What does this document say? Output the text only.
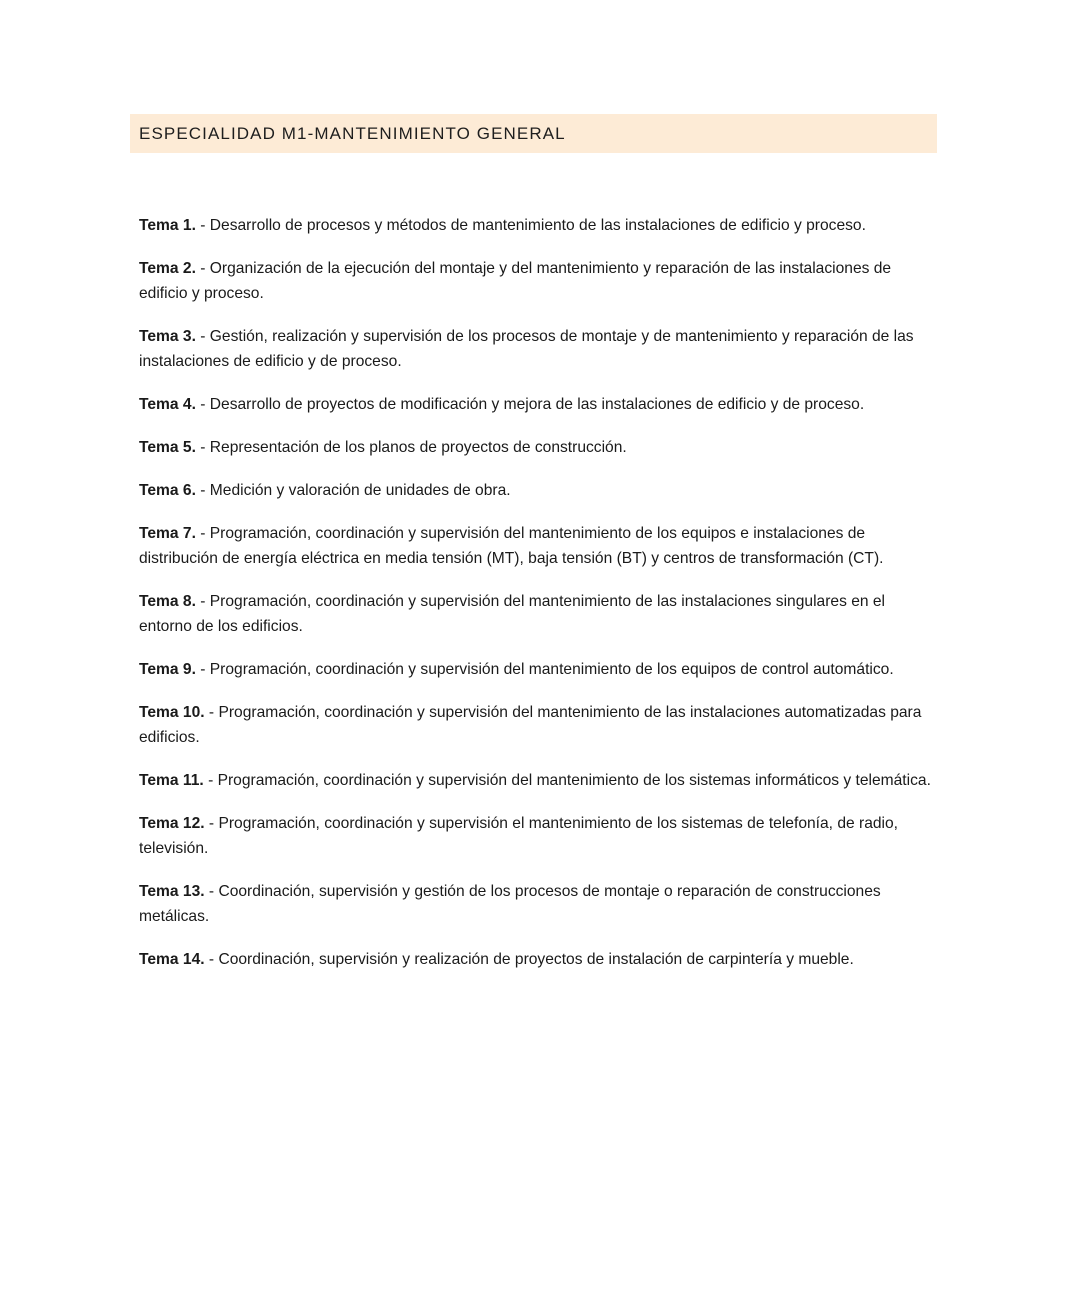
ESPECIALIDAD M1-MANTENIMIENTO GENERAL
Tema 1. - Desarrollo de procesos y métodos de mantenimiento de las instalaciones de edificio y proceso.
Tema 2. - Organización de la ejecución del montaje y del mantenimiento y reparación de las instalaciones de edificio y proceso.
Tema 3. - Gestión, realización y supervisión de los procesos de montaje y de mantenimiento y reparación de las instalaciones de edificio y de proceso.
Tema 4. - Desarrollo de proyectos de modificación y mejora de las instalaciones de edificio y de proceso.
Tema 5. - Representación de los planos de proyectos de construcción.
Tema 6. - Medición y valoración de unidades de obra.
Tema 7. - Programación, coordinación y supervisión del mantenimiento de los equipos e instalaciones de distribución de energía eléctrica en media tensión (MT), baja tensión (BT) y centros de transformación (CT).
Tema 8. - Programación, coordinación y supervisión del mantenimiento de las instalaciones singulares en el entorno de los edificios.
Tema 9. - Programación, coordinación y supervisión del mantenimiento de los equipos de control automático.
Tema 10. - Programación, coordinación y supervisión del mantenimiento de las instalaciones automatizadas para edificios.
Tema 11. - Programación, coordinación y supervisión del mantenimiento de los sistemas informáticos y telemática.
Tema 12. - Programación, coordinación y supervisión el mantenimiento de los sistemas de telefonía, de radio, televisión.
Tema 13. - Coordinación, supervisión y gestión de los procesos de montaje o reparación de construcciones metálicas.
Tema 14. - Coordinación, supervisión y realización de proyectos de instalación de carpintería y mueble.
